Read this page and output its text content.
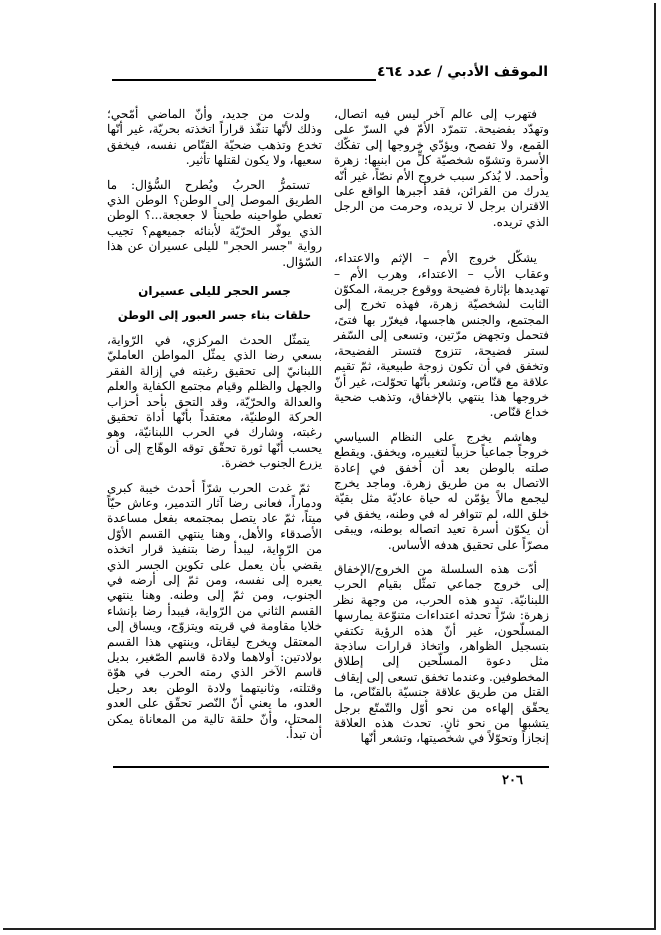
الموقف الأدبي / عدد ٤٦٤

فتهرب إلى عالم آخر ليس فيه اتصال، وتهدّد بفضيحة. تتمرّد الأمّ في السرّ على القمع، ولا تفصح، ويؤدّي خروجها إلى تفكّك الأسرة وتشوّه شخصيّة كلٍّ من ابنيها: زهرة وأحمد. لا يُذكر سبب خروج الأم نصّاً، غير أنّه يدرك من القرائن، فقد أجبرها الواقع على الاقتران برجل لا تريده، وحرمت من الرجل الذي تريده.

يشكّل خروج الأم – الإثم والاعتداء، وعقاب الأب – الاعتداء، وهرب الأم – تهديدها بإثارة فضيحة ووقوع جريمة، المكوّن الثابت لشخصيّة زهرة، فهذه تخرج إلى المجتمع، والجنس هاجسها، فيغرّر بها فتىً، فتحمل وتجهض مرّتين، وتسعى إلى السّفر لستر فضيحة، تتزوج فتستر الفضيحة، وتخفق في أن تكون زوجة طبيعية، ثمّ تقيم علاقة مع قنّاص، وتشعر بأنّها تحوّلت، غير أنّ خروجها هذا ينتهي بالإخفاق، وتذهب ضحية خداع قنّاص.

وهاشم يخرج على النظام السياسي خروجاً جماعياً حزبياً لتغييره، ويخفق. ويقطع صلته بالوطن بعد أن أخفق في إعادة الاتصال به من طريق زهرة. وماجد يخرج ليجمع مالاً يؤمّن له حياة عاديّة مثل بقيّة خلق الله، لم تتوافر له في وطنه، يخفق في أن يكوّن أسرة تعيد اتصاله بوطنه، ويبقى مصرّاً على تحقيق هدفه الأساس.

أدّت هذه السلسلة من الخروج/الإخفاق إلى خروج جماعي تمثّل بقيام الحرب اللبنانيّة. تبدو هذه الحرب، من وجهة نظر زهرة: شرّاً تحدثه اعتداءات متنوّعة يمارسها المسلّحون، غير أنّ هذه الرؤية تكتفي بتسجيل الظواهر، واتخاذ قرارات ساذجة مثل دعوة المسلّحين إلى إطلاق المخطوفين. وعندما تخفق تسعى إلى إيقاف القتل من طريق علاقة جنسيّة بالقنّاص، ما يحقّق إلهاءه من نحو أوّل والتّمتّع برجل يتشبها من نحو ثانٍ. تحدث هذه العلاقة إنجازاً وتحوّلاً في شخصيتها، وتشعر أنّها

ولدت من جديد، وأنّ الماضي أمّحي؛ وذلك لأنّها تنفّذ قراراً اتخذته بحريّة، غير أنّها تخدع وتذهب ضحيّة القنّاص نفسه، فيخفق سعيها، ولا يكون لقتلها تأثير.

تستمرُّ الحربُ ويُطرح السُّؤال: ما الطريق الموصل إلى الوطن؟ الوطن الذي تعطي طواحينه طحيناً لا جعجعة...؟ الوطن الذي يوفّر الحرّيّة لأبنائه جميعهم؟ تجيب رواية "جسر الحجر" لليلى عسيران عن هذا السّؤال.

جسر الحجر لليلى عسيران
حلقات بناء جسر العبور إلى الوطن

يتمثّل الحدث المركزي، في الرّواية، بسعي رضا الذي يمثّل المواطن العامليّ اللبنانيّ إلى تحقيق رغبته في إزالة الفقر والجهل والظلم وقيام مجتمع الكفاية والعلم والعدالة والحرّيّة، وقد التحق بأحد أحزاب الحركة الوطنيّة، معتقداً بأنّها أداة تحقيق رغبته، وشارك في الحرب اللبنانيّة، وهو يحسب أنّها ثورة تحقّق توقه الوهّاج إلى أن يزرع الجنوب خضرة.

ثمّ غدت الحرب شرّاً أحدث خيبة كبرى ودماراً، فعانى رضا آثار التدمير، وعاش حيّاً ميتاً، ثمّ عاد يتصل بمجتمعه بفعل مساعدة الأصدقاء والأهل، وهنا ينتهي القسم الأوّل من الرّواية، ليبدأ رضا بتنفيذ قرار اتخذه يقضي بأن يعمل على تكوين الجسر الذي يعبره إلى نفسه، ومن ثمّ إلى أرضه في الجنوب، ومن ثمّ إلى وطنه. وهنا ينتهي القسم الثاني من الرّواية، فيبدأ رضا بإنشاء خلايا مقاومة في قريته ويتزوّج، ويساق إلى المعتقل ويخرج ليقاتل، وينتهي هذا القسم بولادتين: أولاهما ولادة قاسم الصّغير، بديل قاسم الآخر الذي رمته الحرب في هوّة وقتلته، وثانيتهما ولادة الوطن بعد رحيل العدو، ما يعني أنّ النّصر تحقّق على العدو المحتل، وأنّ حلقة تالية من المعاناة يمكن أن تبدأ.

٢٠٦
